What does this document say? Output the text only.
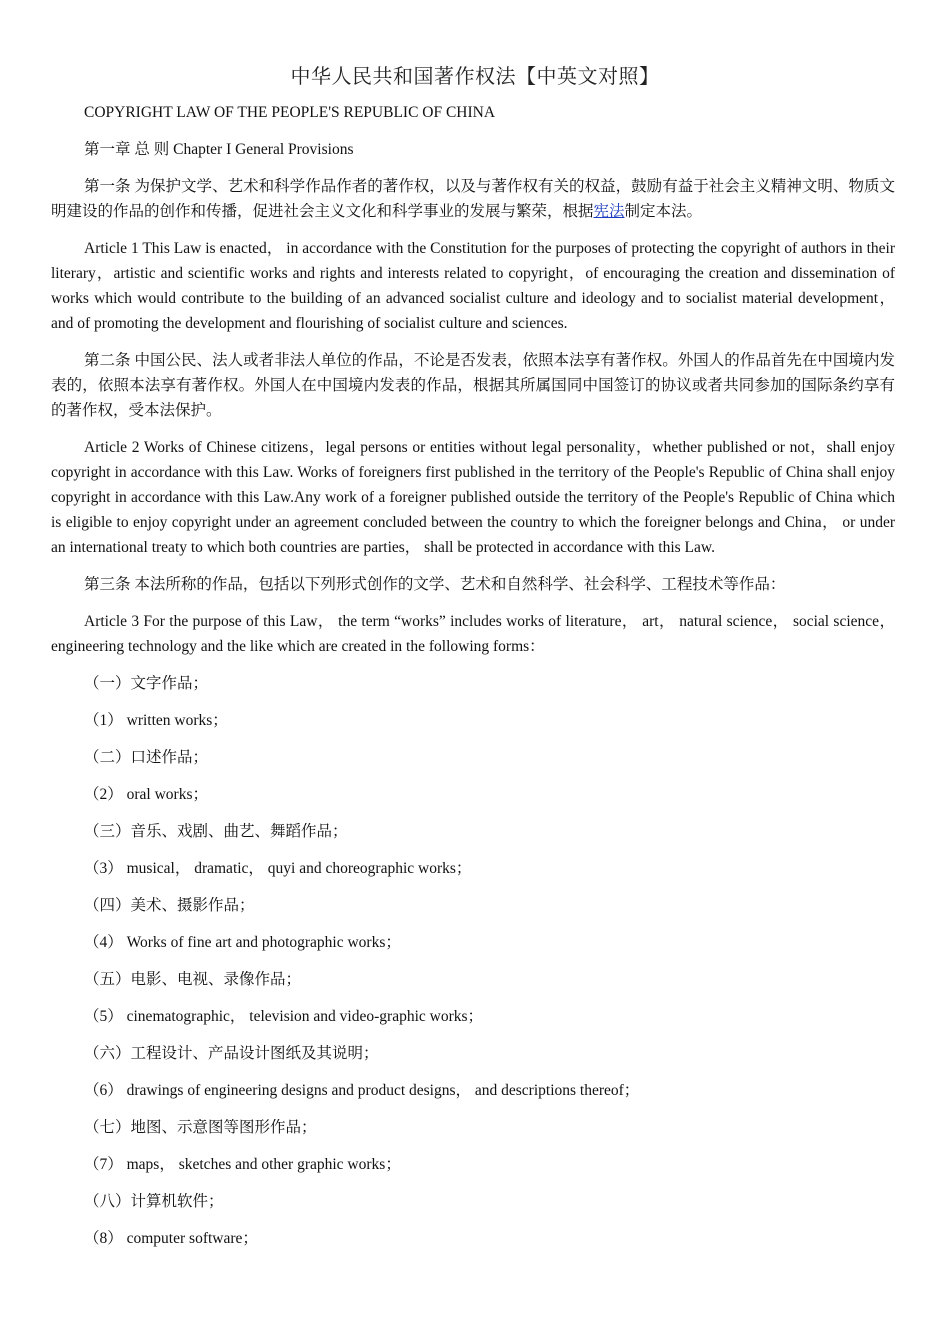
中华人民共和国著作权法【中英文对照】

COPYRIGHT LAW OF THE PEOPLE'S REPUBLIC OF CHINA

第一章 总 则 Chapter I General Provisions

第一条 为保护文学、艺术和科学作品作者的著作权，以及与著作权有关的权益，鼓励有益于社会主义精神文明、物质文明建设的作品的创作和传播，促进社会主义文化和科学事业的发展与繁荣，根据宪法制定本法。

Article 1 This Law is enacted， in accordance with the Constitution for the purposes of protecting the copyright of authors in their literary，artistic and scientific works and rights and interests related to copyright，of encouraging the creation and dissemination of works which would contribute to the building of an advanced socialist culture and ideology and to socialist material development， and of promoting the development and flourishing of socialist culture and sciences.

第二条 中国公民、法人或者非法人单位的作品，不论是否发表，依照本法享有著作权。外国人的作品首先在中国境内发表的，依照本法享有著作权。外国人在中国境内发表的作品，根据其所属国同中国签订的协议或者共同参加的国际条约享有的著作权，受本法保护。

Article 2 Works of Chinese citizens，legal persons or entities without legal personality，whether published or not，shall enjoy copyright in accordance with this Law. Works of foreigners first published in the territory of the People's Republic of China shall enjoy copyright in accordance with this Law.Any work of a foreigner published outside the territory of the People's Republic of China which is eligible to enjoy copyright under an agreement concluded between the country to which the foreigner belongs and China， or under an international treaty to which both countries are parties， shall be protected in accordance with this Law.

第三条 本法所称的作品，包括以下列形式创作的文学、艺术和自然科学、社会科学、工程技术等作品：

Article 3 For the purpose of this Law， the term “works” includes works of literature， art， natural science， social science， engineering technology and the like which are created in the following forms：

（一）文字作品；

（1） written works；

（二）口述作品；

（2） oral works；

（三）音乐、戏剧、曲艺、舞蹈作品；

（3） musical， dramatic， quyi and choreographic works；

（四）美术、摄影作品；

（4） Works of fine art and photographic works；

（五）电影、电视、录像作品；

（5） cinematographic， television and video-graphic works；

（六）工程设计、产品设计图纸及其说明；

（6） drawings of engineering designs and product designs， and descriptions thereof；

（七）地图、示意图等图形作品；

（7） maps， sketches and other graphic works；

（八）计算机软件；

（8） computer software；
